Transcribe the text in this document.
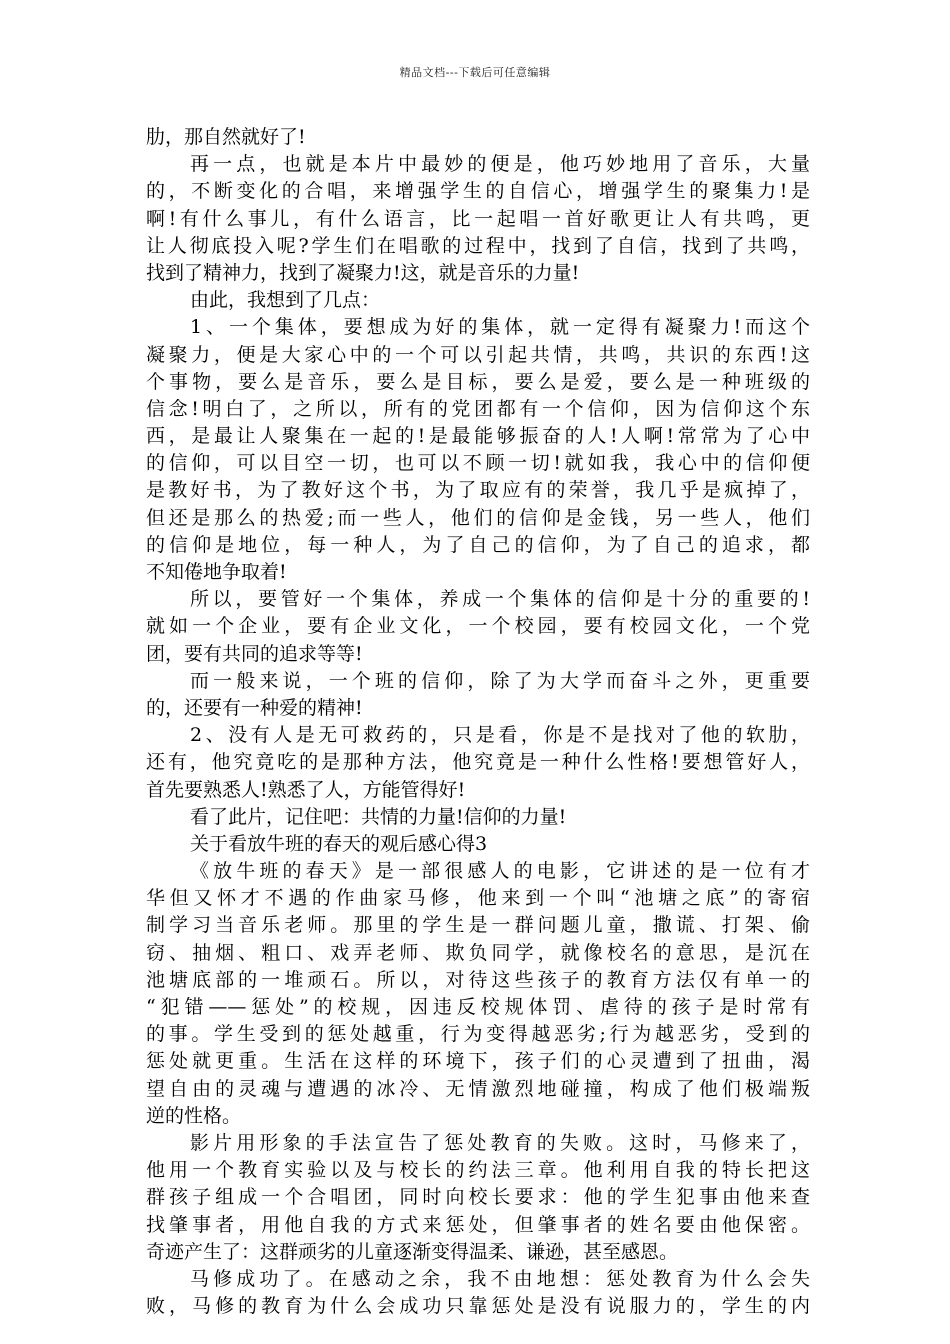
精品文档---下载后可任意编辑
肋，那自然就好了!
再一点，也就是本片中最妙的便是，他巧妙地用了音乐，大量
的，不断变化的合唱，来增强学生的自信心，增强学生的聚集力!是
啊!有什么事儿，有什么语言，比一起唱一首好歌更让人有共鸣，更
让人彻底投入呢?学生们在唱歌的过程中，找到了自信，找到了共鸣，
找到了精神力，找到了凝聚力!这，就是音乐的力量!
由此，我想到了几点：
1、一个集体，要想成为好的集体，就一定得有凝聚力!而这个
凝聚力，便是大家心中的一个可以引起共情，共鸣，共识的东西!这
个事物，要么是音乐，要么是目标，要么是爱，要么是一种班级的
信念!明白了，之所以，所有的党团都有一个信仰，因为信仰这个东
西，是最让人聚集在一起的!是最能够振奋的人!人啊!常常为了心中
的信仰，可以目空一切，也可以不顾一切!就如我，我心中的信仰便
是教好书，为了教好这个书，为了取应有的荣誉，我几乎是疯掉了，
但还是那么的热爱;而一些人，他们的信仰是金钱，另一些人，他们
的信仰是地位，每一种人，为了自己的信仰，为了自己的追求，都
不知倦地争取着!
所以，要管好一个集体，养成一个集体的信仰是十分的重要的!
就如一个企业，要有企业文化，一个校园，要有校园文化，一个党
团，要有共同的追求等等!
而一般来说，一个班的信仰，除了为大学而奋斗之外，更重要
的，还要有一种爱的精神!
2、没有人是无可救药的，只是看，你是不是找对了他的软肋，
还有，他究竟吃的是那种方法，他究竟是一种什么性格!要想管好人，
首先要熟悉人!熟悉了人，方能管得好!
看了此片，记住吧：共情的力量!信仰的力量!
关于看放牛班的春天的观后感心得3
《放牛班的春天》是一部很感人的电影，它讲述的是一位有才
华但又怀才不遇的作曲家马修，他来到一个叫“池塘之底”的寄宿
制学习当音乐老师。那里的学生是一群问题儿童，撒谎、打架、偷
窃、抽烟、粗口、戏弄老师、欺负同学，就像校名的意思，是沉在
池塘底部的一堆顽石。所以，对待这些孩子的教育方法仅有单一的
“犯错——惩处”的校规，因违反校规体罚、虐待的孩子是时常有
的事。学生受到的惩处越重，行为变得越恶劣;行为越恶劣，受到的
惩处就更重。生活在这样的环境下，孩子们的心灵遭到了扭曲，渴
望自由的灵魂与遭遇的冰冷、无情激烈地碰撞，构成了他们极端叛
逆的性格。
影片用形象的手法宣告了惩处教育的失败。这时，马修来了，
他用一个教育实验以及与校长的约法三章。他利用自我的特长把这
群孩子组成一个合唱团，同时向校长要求：他的学生犯事由他来查
找肇事者，用他自我的方式来惩处，但肇事者的姓名要由他保密。
奇迹产生了：这群顽劣的儿童逐渐变得温柔、谦逊，甚至感恩。
马修成功了。在感动之余，我不由地想：惩处教育为什么会失
败，马修的教育为什么会成功只靠惩处是没有说服力的，学生的内
